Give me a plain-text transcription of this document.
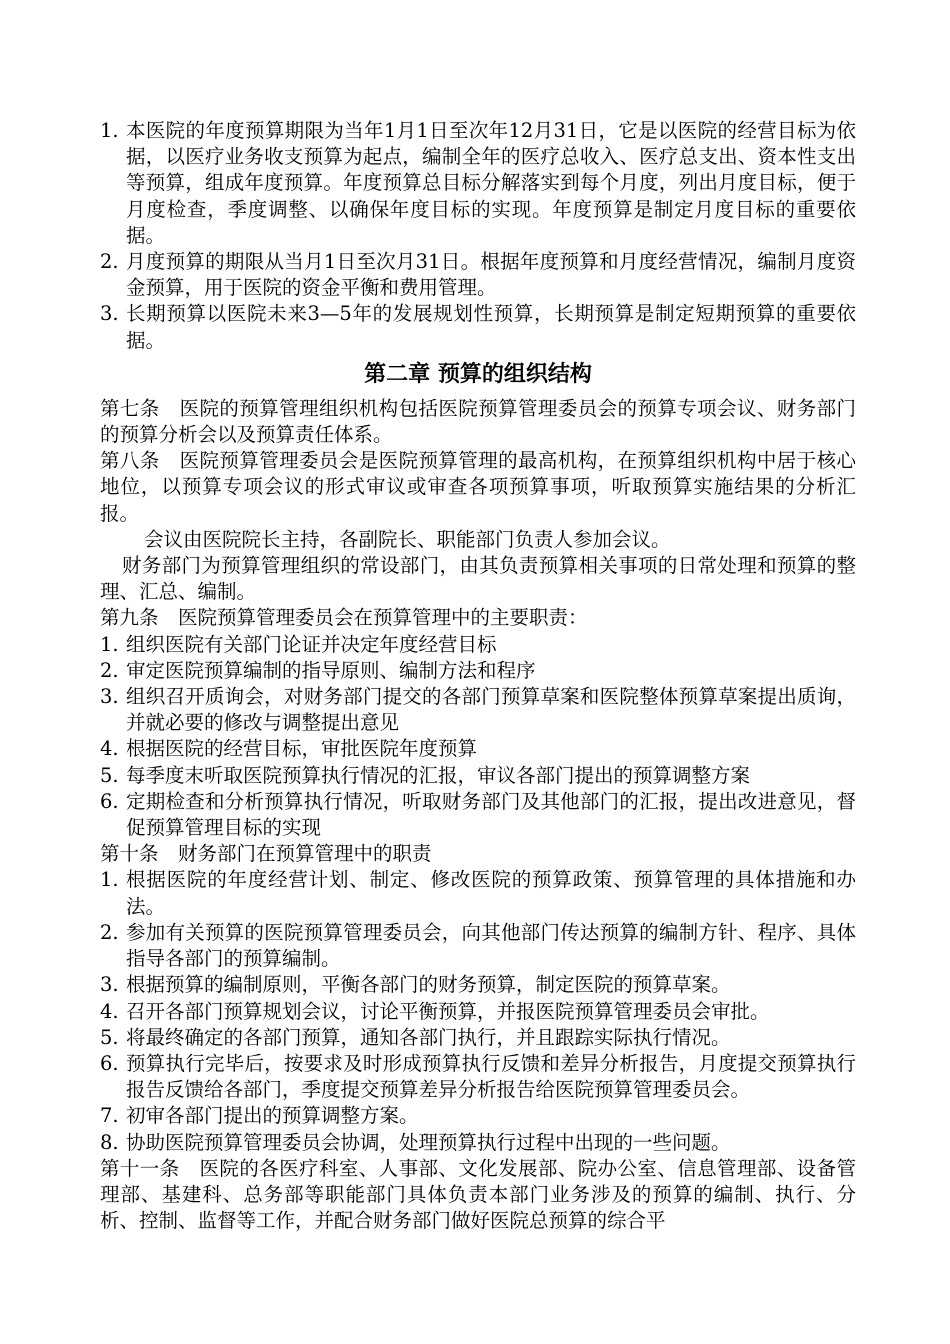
1. 本医院的年度预算期限为当年1月1日至次年12月31日，它是以医院的经营目标为依据，以医疗业务收支预算为起点，编制全年的医疗总收入、医疗总支出、资本性支出等预算，组成年度预算。年度预算总目标分解落实到每个月度，列出月度目标，便于月度检查，季度调整、以确保年度目标的实现。年度预算是制定月度目标的重要依据。
2. 月度预算的期限从当月1日至次月31日。根据年度预算和月度经营情况，编制月度资金预算，用于医院的资金平衡和费用管理。
3. 长期预算以医院未来3—5年的发展规划性预算，长期预算是制定短期预算的重要依据。
第二章 预算的组织结构
第七条　医院的预算管理组织机构包括医院预算管理委员会的预算专项会议、财务部门的预算分析会以及预算责任体系。
第八条　医院预算管理委员会是医院预算管理的最高机构，在预算组织机构中居于核心地位，以预算专项会议的形式审议或审查各项预算事项，听取预算实施结果的分析汇报。
会议由医院院长主持，各副院长、职能部门负责人参加会议。
财务部门为预算管理组织的常设部门，由其负责预算相关事项的日常处理和预算的整理、汇总、编制。
第九条　医院预算管理委员会在预算管理中的主要职责：
1. 组织医院有关部门论证并决定年度经营目标
2. 审定医院预算编制的指导原则、编制方法和程序
3. 组织召开质询会，对财务部门提交的各部门预算草案和医院整体预算草案提出质询，并就必要的修改与调整提出意见
4. 根据医院的经营目标，审批医院年度预算
5. 每季度末听取医院预算执行情况的汇报，审议各部门提出的预算调整方案
6. 定期检查和分析预算执行情况，听取财务部门及其他部门的汇报，提出改进意见，督促预算管理目标的实现
第十条　财务部门在预算管理中的职责
1. 根据医院的年度经营计划、制定、修改医院的预算政策、预算管理的具体措施和办法。
2. 参加有关预算的医院预算管理委员会，向其他部门传达预算的编制方针、程序、具体指导各部门的预算编制。
3. 根据预算的编制原则，平衡各部门的财务预算，制定医院的预算草案。
4. 召开各部门预算规划会议，讨论平衡预算，并报医院预算管理委员会审批。
5. 将最终确定的各部门预算，通知各部门执行，并且跟踪实际执行情况。
6. 预算执行完毕后，按要求及时形成预算执行反馈和差异分析报告，月度提交预算执行报告反馈给各部门，季度提交预算差异分析报告给医院预算管理委员会。
7. 初审各部门提出的预算调整方案。
8. 协助医院预算管理委员会协调，处理预算执行过程中出现的一些问题。
第十一条　医院的各医疗科室、人事部、文化发展部、院办公室、信息管理部、设备管理部、基建科、总务部等职能部门具体负责本部门业务涉及的预算的编制、执行、分析、控制、监督等工作，并配合财务部门做好医院总预算的综合平
